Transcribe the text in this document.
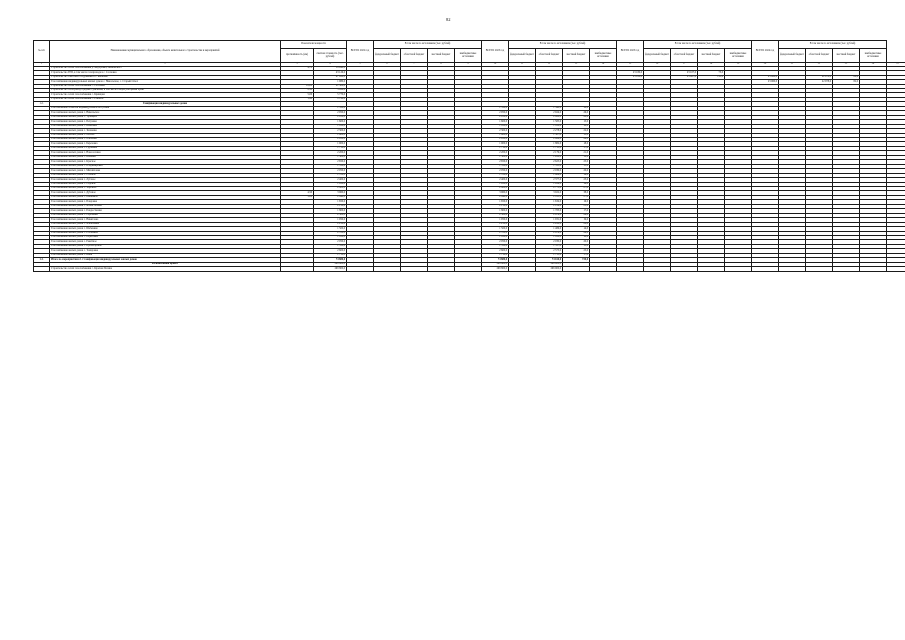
82
№ п/п	Наименование муниципального образования, объекта капитального строительства и мероприятий	Показатели мощности		ВСЕГО 2022 год	В том числе по источникам (тыс. рублей)				ВСЕГО 2023 год	В том числе по источникам (тыс. рублей)				ВСЕГО 2023 год	В том числе по источникам (тыс. рублей)				ВСЕГО 2024 год	В том числе по источникам (тыс. рублей)					
		протяжённость (км)	сметная стоимость (тыс. рублей)		федеральный бюджет	областной бюджет	местный бюджет	внебюджетные источники		федеральный бюджет	областной бюджет	местный бюджет	внебюджетные источники		федеральный бюджет	областной бюджет	местный бюджет	внебюджетные источники		федеральный бюджет	областной бюджет	местный бюджет	внебюджетные источники		
1	2	3	4	5	6	7	8	9	10	11	12	13	14	15	16	17	18	19	20	21	22	23	24	25	
	Строительство сетей газоснабжения д. Федоровка, Ивановского	4,70	18 940,0																						
	Строительство ГРП, в том числе газопровода в с. Сосновка		43 126,0											23 180,0		23 107,0	73,0								
	Строительство очистных сооружений в с. Яковлево		47 020,0											23 180,0		23 067,0	113,0		23 060,0		22 978,0	82,0			
	Газоснабжение индивидуальных жилых домов с. Никольское, с. Старый Оскол		1 980,0																23 060,0		22 978,0	82,0			
	Строительство сетей газоснабжения с. Сосновка	18,00	21 300,0																						
	Строительство газопровода среднего давления, в том числе газорегуляторный пункт	2,30	3 020,0																						
	Строительство сетей газоснабжения с. Кривцово	5,00	5 770,0																						
	Строительство сетей газоснабжения с. Глинное	1,90	2 110,0																						
1.2.	Газификация индивидуальных домов																								
	Газоснабжение объектов индивидуальной застройки		1 350,0						1 350,0		1 340,0	10,0													
	Газоснабжение жилых домов с. Никольское		2 950,0						2 950,0		2 924,0	26,0													
	Газоснабжение жилых домов с. Троицкое		2 100,0						2 100,0		2 080,0	20,0													
	Газоснабжение жилых домов с. Петровка		1 600,0						1 600,0		1 585,0	15,0													
	Газоснабжение жилых домов с. Ивановка		1 850,0						1 850,0		1 832,0	18,0													
	Газоснабжение жилых домов с. Знаменка		2 300,0						2 300,0		2 278,0	22,0													
	Газоснабжение жилых домов с. Лесное		1 400,0						1 400,0		1 387,0	13,0													
	Газоснабжение жилых домов с. Ольховка		2 450,0						2 450,0		2 426,0	24,0													
	Газоснабжение жилых домов с. Березовка		1 900,0						1 900,0		1 882,0	18,0													
	Газоснабжение жилых домов с. Грушевка		1 750,0						1 750,0		1 733,0	17,0													
	Газоснабжение жилых домов с. Новоселовка		2 200,0						2 200,0		2 179,0	21,0													
	Газоснабжение жилых домов с. Каменка		1 300,0						1 300,0		1 288,0	12,0													
	Газоснабжение жилых домов с. Красное		2 650,0						2 650,0		2 625,0	25,0													
	Газоснабжение жилых домов с. Владимировка		1 550,0						1 550,0		1 535,0	15,0													
	Газоснабжение жилых домов с. Михайловка		2 050,0						2 050,0		2 030,0	20,0													
	Газоснабжение жилых домов с. Степное		1 700,0						1 700,0		1 684,0	16,0													
	Газоснабжение жилых домов с. Луговое		2 400,0						2 400,0		2 377,0	23,0													
	Газоснабжение жилых домов с. Садовое		1 450,0						1 450,0		1 436,0	14,0													
	Газоснабжение жилых домов с. Заречное		2 800,0						2 800,0		2 773,0	27,0													
	Газоснабжение жилых домов с. Дубовое	4,50	3 960,0						3 960,0		3 922,0	38,0													
	Газоснабжение жилых домов с. Вишневое	3,20	2 840,0						2 840,0		2 813,0	27,0													
	Газоснабжение жилых домов с. Покровка		1 650,0						1 650,0		1 634,0	16,0													
	Газоснабжение жилых домов с. Ясная Поляна		2 150,0						2 150,0		2 129,0	21,0													
	Газоснабжение жилых домов с. Рождественка		1 800,0						1 800,0		1 783,0	17,0													
	Газоснабжение жилых домов с. Сергиевка		2 500,0						2 500,0		2 476,0	24,0													
	Газоснабжение жилых домов с. Никитовка		1 950,0						1 950,0		1 931,0	19,0													
	Газоснабжение жилых домов с. Алексеевка		2 250,0						2 250,0		2 228,0	22,0													
	Газоснабжение жилых домов с. Шебекино		1 500,0						1 500,0		1 486,0	14,0													
	Газоснабжение жилых домов с. Головчино		2 700,0						2 700,0		2 674,0	26,0													
	Газоснабжение жилых домов с. Борисовка		1 850,0						1 850,0		1 832,0	18,0													
	Газоснабжение жилых домов с. Ракитное		2 050,0						2 050,0		2 030,0	20,0													
	Газоснабжение жилых домов с. Пролетарское		1 350,0						1 350,0		1 337,0	13,0													
	Газоснабжение жилых домов с. Томаровка		2 600,0						2 600,0		2 575,0	25,0													
	Газоснабжение жилых домов с. Ивня		1 750,0						1 750,0		1 733,0	17,0													
1.3.	Итого по мероприятиям 1.2 газификация индивидуальных жилых домов		74 880,0						74 880,0		74 160,0	720,0													
	Региональный проект		299 800,0						299 800,0		296 900,0														
	Строительство сетей газоснабжения с. Красная Поляна		299 800,0						299 800,0		296 900,0														
